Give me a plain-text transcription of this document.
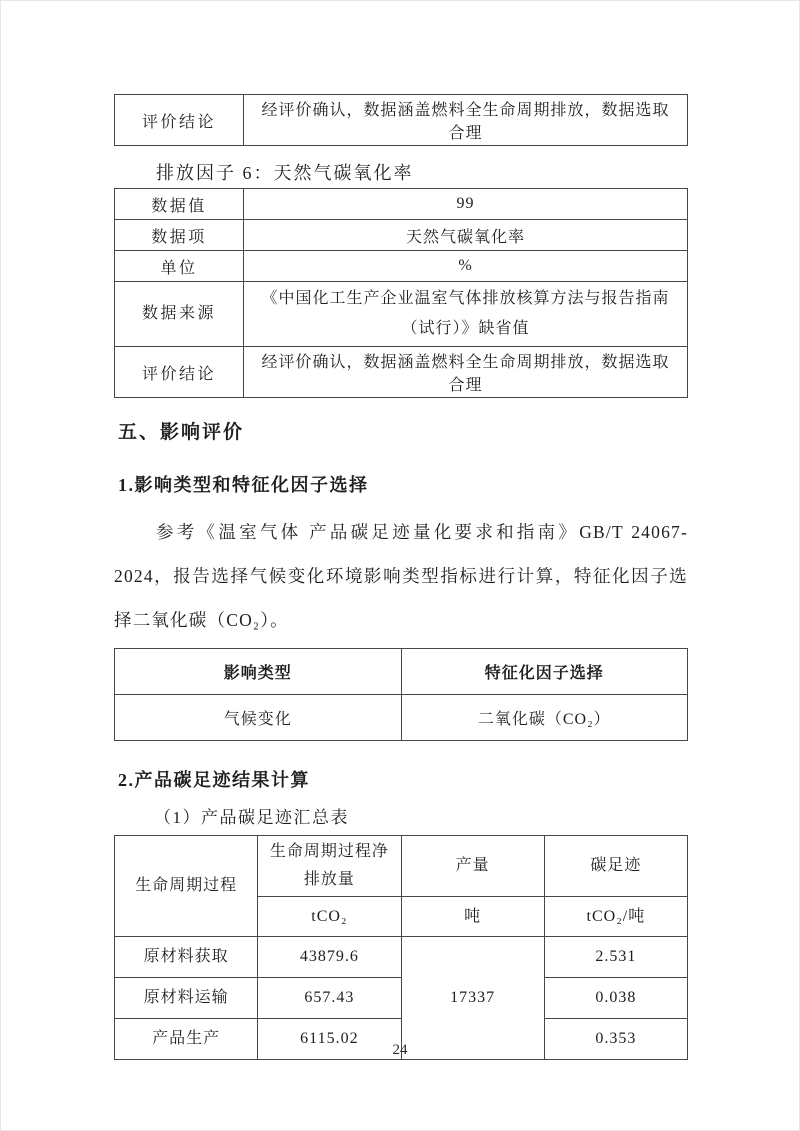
评价结论	经评价确认，数据涵盖燃料全生命周期排放，数据选取合理
排放因子 6：天然气碳氧化率
数据值	99
数据项	天然气碳氧化率
单位	%
数据来源	《中国化工生产企业温室气体排放核算方法与报告指南（试行）》缺省值
评价结论	经评价确认，数据涵盖燃料全生命周期排放，数据选取合理
五、影响评价
1.影响类型和特征化因子选择

参考《温室气体 产品碳足迹量化要求和指南》GB/T 24067-2024，报告选择气候变化环境影响类型指标进行计算，特征化因子选择二氧化碳（CO₂）。

影响类型	特征化因子选择
气候变化	二氧化碳（CO₂）
2.产品碳足迹结果计算
（1）产品碳足迹汇总表
生命周期过程	生命周期过程净排放量	产量	碳足迹
	tCO₂	吨	tCO₂/吨
原材料获取	43879.6	17337	2.531
原材料运输	657.43		0.038
产品生产	6115.02		0.353
24
